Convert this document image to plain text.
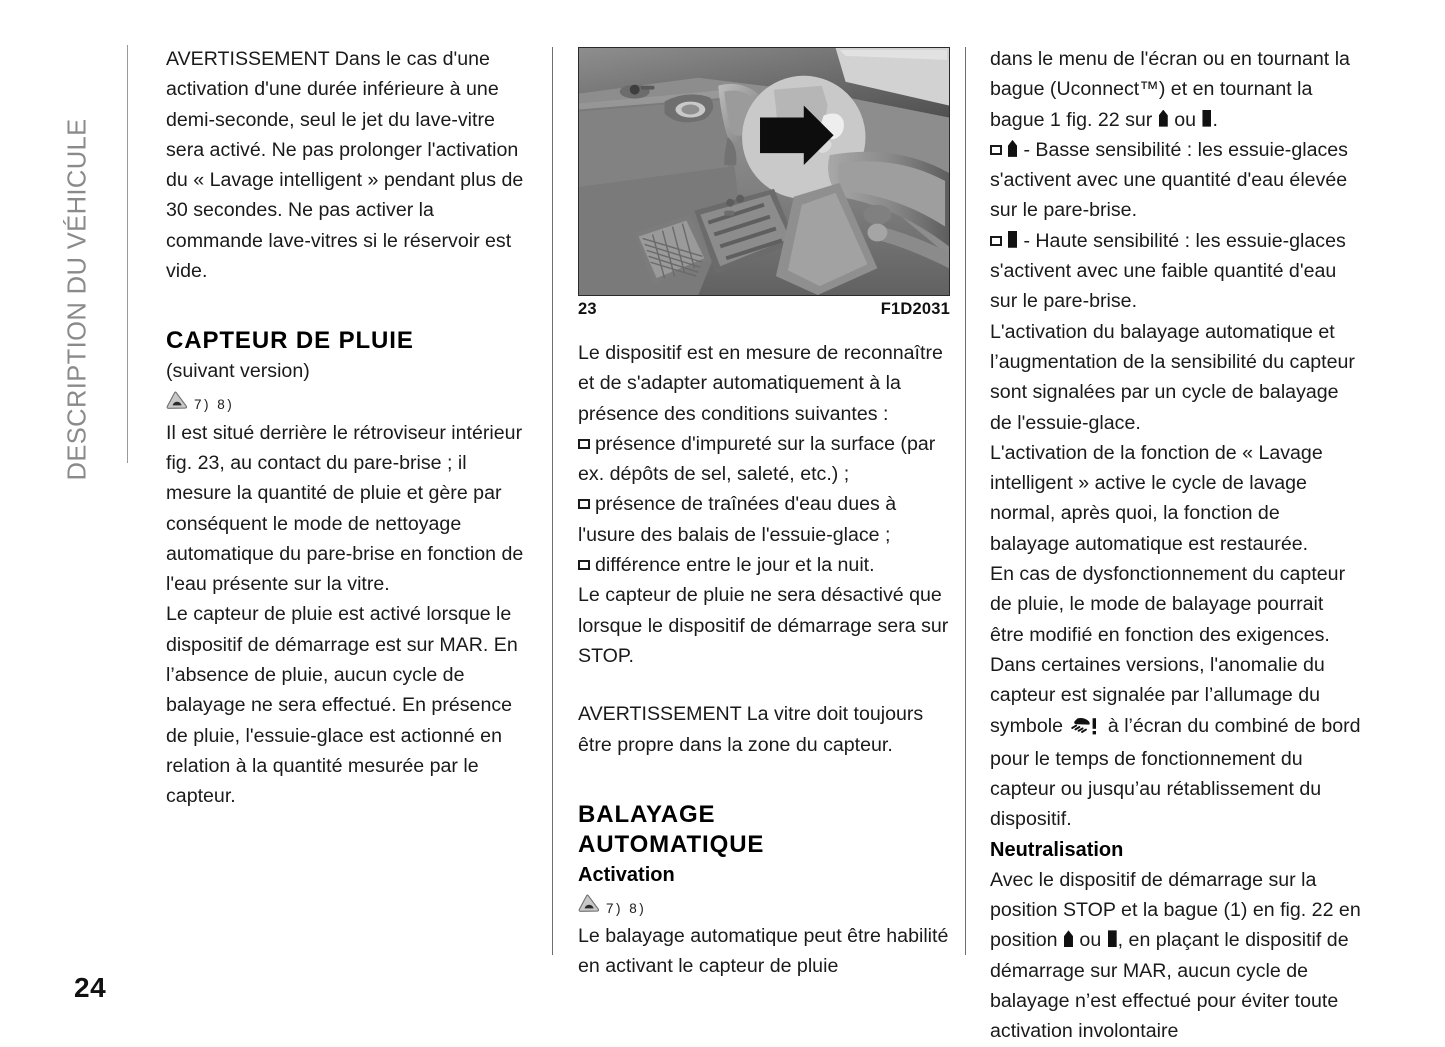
DESCRIPTION DU VÉHICULE

AVERTISSEMENT Dans le cas d'une activation d'une durée inférieure à une demi-seconde, seul le jet du lave-vitre sera activé. Ne pas prolonger l'activation du « Lavage intelligent » pendant plus de 30 secondes. Ne pas activer la commande lave-vitres si le réservoir est vide.

CAPTEUR DE PLUIE

(suivant version)

7) 8)

Il est situé derrière le rétroviseur intérieur fig. 23, au contact du pare-brise ; il mesure la quantité de pluie et gère par conséquent le mode de nettoyage automatique du pare-brise en fonction de l'eau présente sur la vitre.

Le capteur de pluie est activé lorsque le dispositif de démarrage est sur MAR. En l’absence de pluie, aucun cycle de balayage ne sera effectué. En présence de pluie, l'essuie-glace est actionné en relation à la quantité mesurée par le capteur.

23	F1D2031

Le dispositif est en mesure de reconnaître et de s'adapter automatiquement à la présence des conditions suivantes :

présence d'impureté sur la surface (par ex. dépôts de sel, saleté, etc.) ;

présence de traînées d'eau dues à l'usure des balais de l'essuie-glace ;

différence entre le jour et la nuit.

Le capteur de pluie ne sera désactivé que lorsque le dispositif de démarrage sera sur STOP.

AVERTISSEMENT La vitre doit toujours être propre dans la zone du capteur.

BALAYAGE
AUTOMATIQUE
Activation
7) 8)

Le balayage automatique peut être habilité en activant le capteur de pluie

dans le menu de l'écran ou en tournant la bague (Uconnect™) et en tournant la bague 1 fig. 22 sur  ou .

- Basse sensibilité : les essuie-glaces s'activent avec une quantité d'eau élevée sur le pare-brise.

- Haute sensibilité : les essuie-glaces s'activent avec une faible quantité d'eau sur le pare-brise.

L'activation du balayage automatique et l’augmentation de la sensibilité du capteur sont signalées par un cycle de balayage de l'essuie-glace.

L'activation de la fonction de « Lavage intelligent » active le cycle de lavage normal, après quoi, la fonction de balayage automatique est restaurée.

En cas de dysfonctionnement du capteur de pluie, le mode de balayage pourrait être modifié en fonction des exigences. Dans certaines versions, l'anomalie du capteur est signalée par l’allumage du symbole  à l’écran du combiné de bord pour le temps de fonctionnement du capteur ou jusqu’au rétablissement du dispositif.

Neutralisation

Avec le dispositif de démarrage sur la position STOP et la bague (1) en fig. 22 en position  ou , en plaçant le dispositif de démarrage sur MAR, aucun cycle de balayage n’est effectué pour éviter toute activation involontaire

24
